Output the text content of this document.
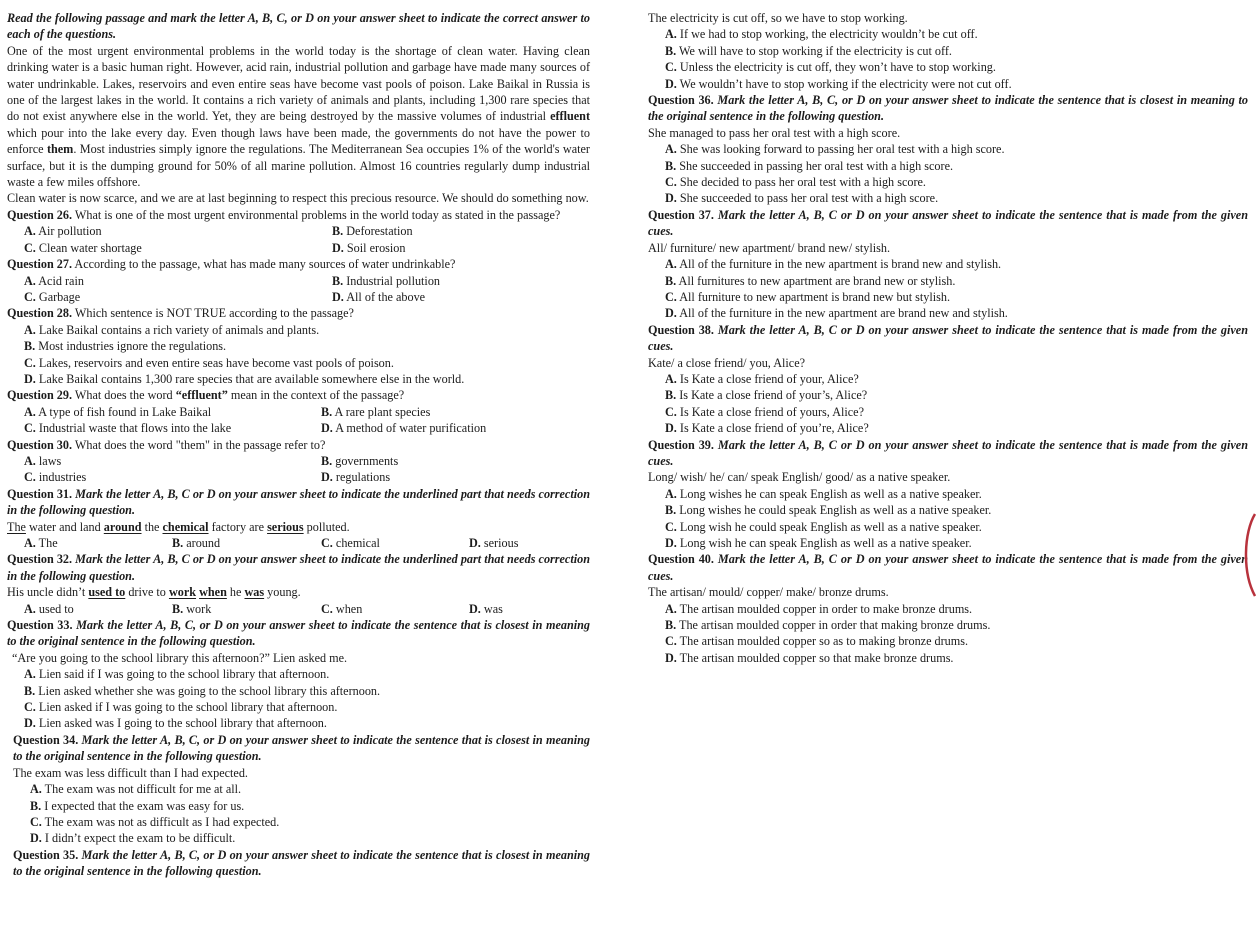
Read the following passage and mark the letter A, B, C, or D on your answer sheet to indicate the correct answer to each of the questions.
One of the most urgent environmental problems in the world today is the shortage of clean water. Having clean drinking water is a basic human right. However, acid rain, industrial pollution and garbage have made many sources of water undrinkable. Lakes, reservoirs and even entire seas have become vast pools of poison. Lake Baikal in Russia is one of the largest lakes in the world. It contains a rich variety of animals and plants, including 1,300 rare species that do not exist anywhere else in the world. Yet, they are being destroyed by the massive volumes of industrial effluent which pour into the lake every day. Even though laws have been made, the governments do not have the power to enforce them. Most industries simply ignore the regulations. The Mediterranean Sea occupies 1% of the world's water surface, but it is the dumping ground for 50% of all marine pollution. Almost 16 countries regularly dump industrial waste a few miles offshore.
Clean water is now scarce, and we are at last beginning to respect this precious resource. We should do something now.
Question 26. What is one of the most urgent environmental problems in the world today as stated in the passage?
A. Air pollution	B. Deforestation
C. Clean water shortage	D. Soil erosion
Question 27. According to the passage, what has made many sources of water undrinkable?
A. Acid rain	B. Industrial pollution
C. Garbage	D. All of the above
Question 28. Which sentence is NOT TRUE according to the passage?
A. Lake Baikal contains a rich variety of animals and plants.
B. Most industries ignore the regulations.
C. Lakes, reservoirs and even entire seas have become vast pools of poison.
D. Lake Baikal contains 1,300 rare species that are available somewhere else in the world.
Question 29. What does the word “effluent” mean in the context of the passage?
A. A type of fish found in Lake Baikal	B. A rare plant species
C. Industrial waste that flows into the lake	D. A method of water purification
Question 30. What does the word "them" in the passage refer to?
A. laws	B. governments
C. industries	D. regulations
Question 31. Mark the letter A, B, C or D on your answer sheet to indicate the underlined part that needs correction in the following question.
The water and land around the chemical factory are serious polluted.
A. The	B. around	C. chemical	D. serious
Question 32. Mark the letter A, B, C or D on your answer sheet to indicate the underlined part that needs correction in the following question.
His uncle didn’t used to drive to work when he was young.
A. used to	B. work	C. when	D. was
Question 33. Mark the letter A, B, C, or D on your answer sheet to indicate the sentence that is closest in meaning to the original sentence in the following question.
“Are you going to the school library this afternoon?” Lien asked me.
A. Lien said if I was going to the school library that afternoon.
B. Lien asked whether she was going to the school library this afternoon.
C. Lien asked if I was going to the school library that afternoon.
D. Lien asked was I going to the school library that afternoon.
Question 34. Mark the letter A, B, C, or D on your answer sheet to indicate the sentence that is closest in meaning to the original sentence in the following question.
The exam was less difficult than I had expected.
A. The exam was not difficult for me at all.
B. I expected that the exam was easy for us.
C. The exam was not as difficult as I had expected.
D. I didn’t expect the exam to be difficult.
Question 35. Mark the letter A, B, C, or D on your answer sheet to indicate the sentence that is closest in meaning to the original sentence in the following question.
The electricity is cut off, so we have to stop working.
A. If we had to stop working, the electricity wouldn’t be cut off.
B. We will have to stop working if the electricity is cut off.
C. Unless the electricity is cut off, they won’t have to stop working.
D. We wouldn’t have to stop working if the electricity were not cut off.
Question 36. Mark the letter A, B, C, or D on your answer sheet to indicate the sentence that is closest in meaning to the original sentence in the following question.
She managed to pass her oral test with a high score.
A. She was looking forward to passing her oral test with a high score.
B. She succeeded in passing her oral test with a high score.
C. She decided to pass her oral test with a high score.
D. She succeeded to pass her oral test with a high score.
Question 37. Mark the letter A, B, C or D on your answer sheet to indicate the sentence that is made from the given cues.
All/ furniture/ new apartment/ brand new/ stylish.
A. All of the furniture in the new apartment is brand new and stylish.
B. All furnitures to new apartment are brand new or stylish.
C. All furniture to new apartment is brand new but stylish.
D. All of the furniture in the new apartment are brand new and stylish.
Question 38. Mark the letter A, B, C or D on your answer sheet to indicate the sentence that is made from the given cues.
Kate/ a close friend/ you, Alice?
A. Is Kate a close friend of your, Alice?
B. Is Kate a close friend of your’s, Alice?
C. Is Kate a close friend of yours, Alice?
D. Is Kate a close friend of you’re, Alice?
Question 39. Mark the letter A, B, C or D on your answer sheet to indicate the sentence that is made from the given cues.
Long/ wish/ he/ can/ speak English/ good/ as a native speaker.
A. Long wishes he can speak English as well as a native speaker.
B. Long wishes he could speak English as well as a native speaker.
C. Long wish he could speak English as well as a native speaker.
D. Long wish he can speak English as well as a native speaker.
Question 40. Mark the letter A, B, C or D on your answer sheet to indicate the sentence that is made from the given cues.
The artisan/ mould/ copper/ make/ bronze drums.
A. The artisan moulded copper in order to make bronze drums.
B. The artisan moulded copper in order that making bronze drums.
C. The artisan moulded copper so as to making bronze drums.
D. The artisan moulded copper so that make bronze drums.
